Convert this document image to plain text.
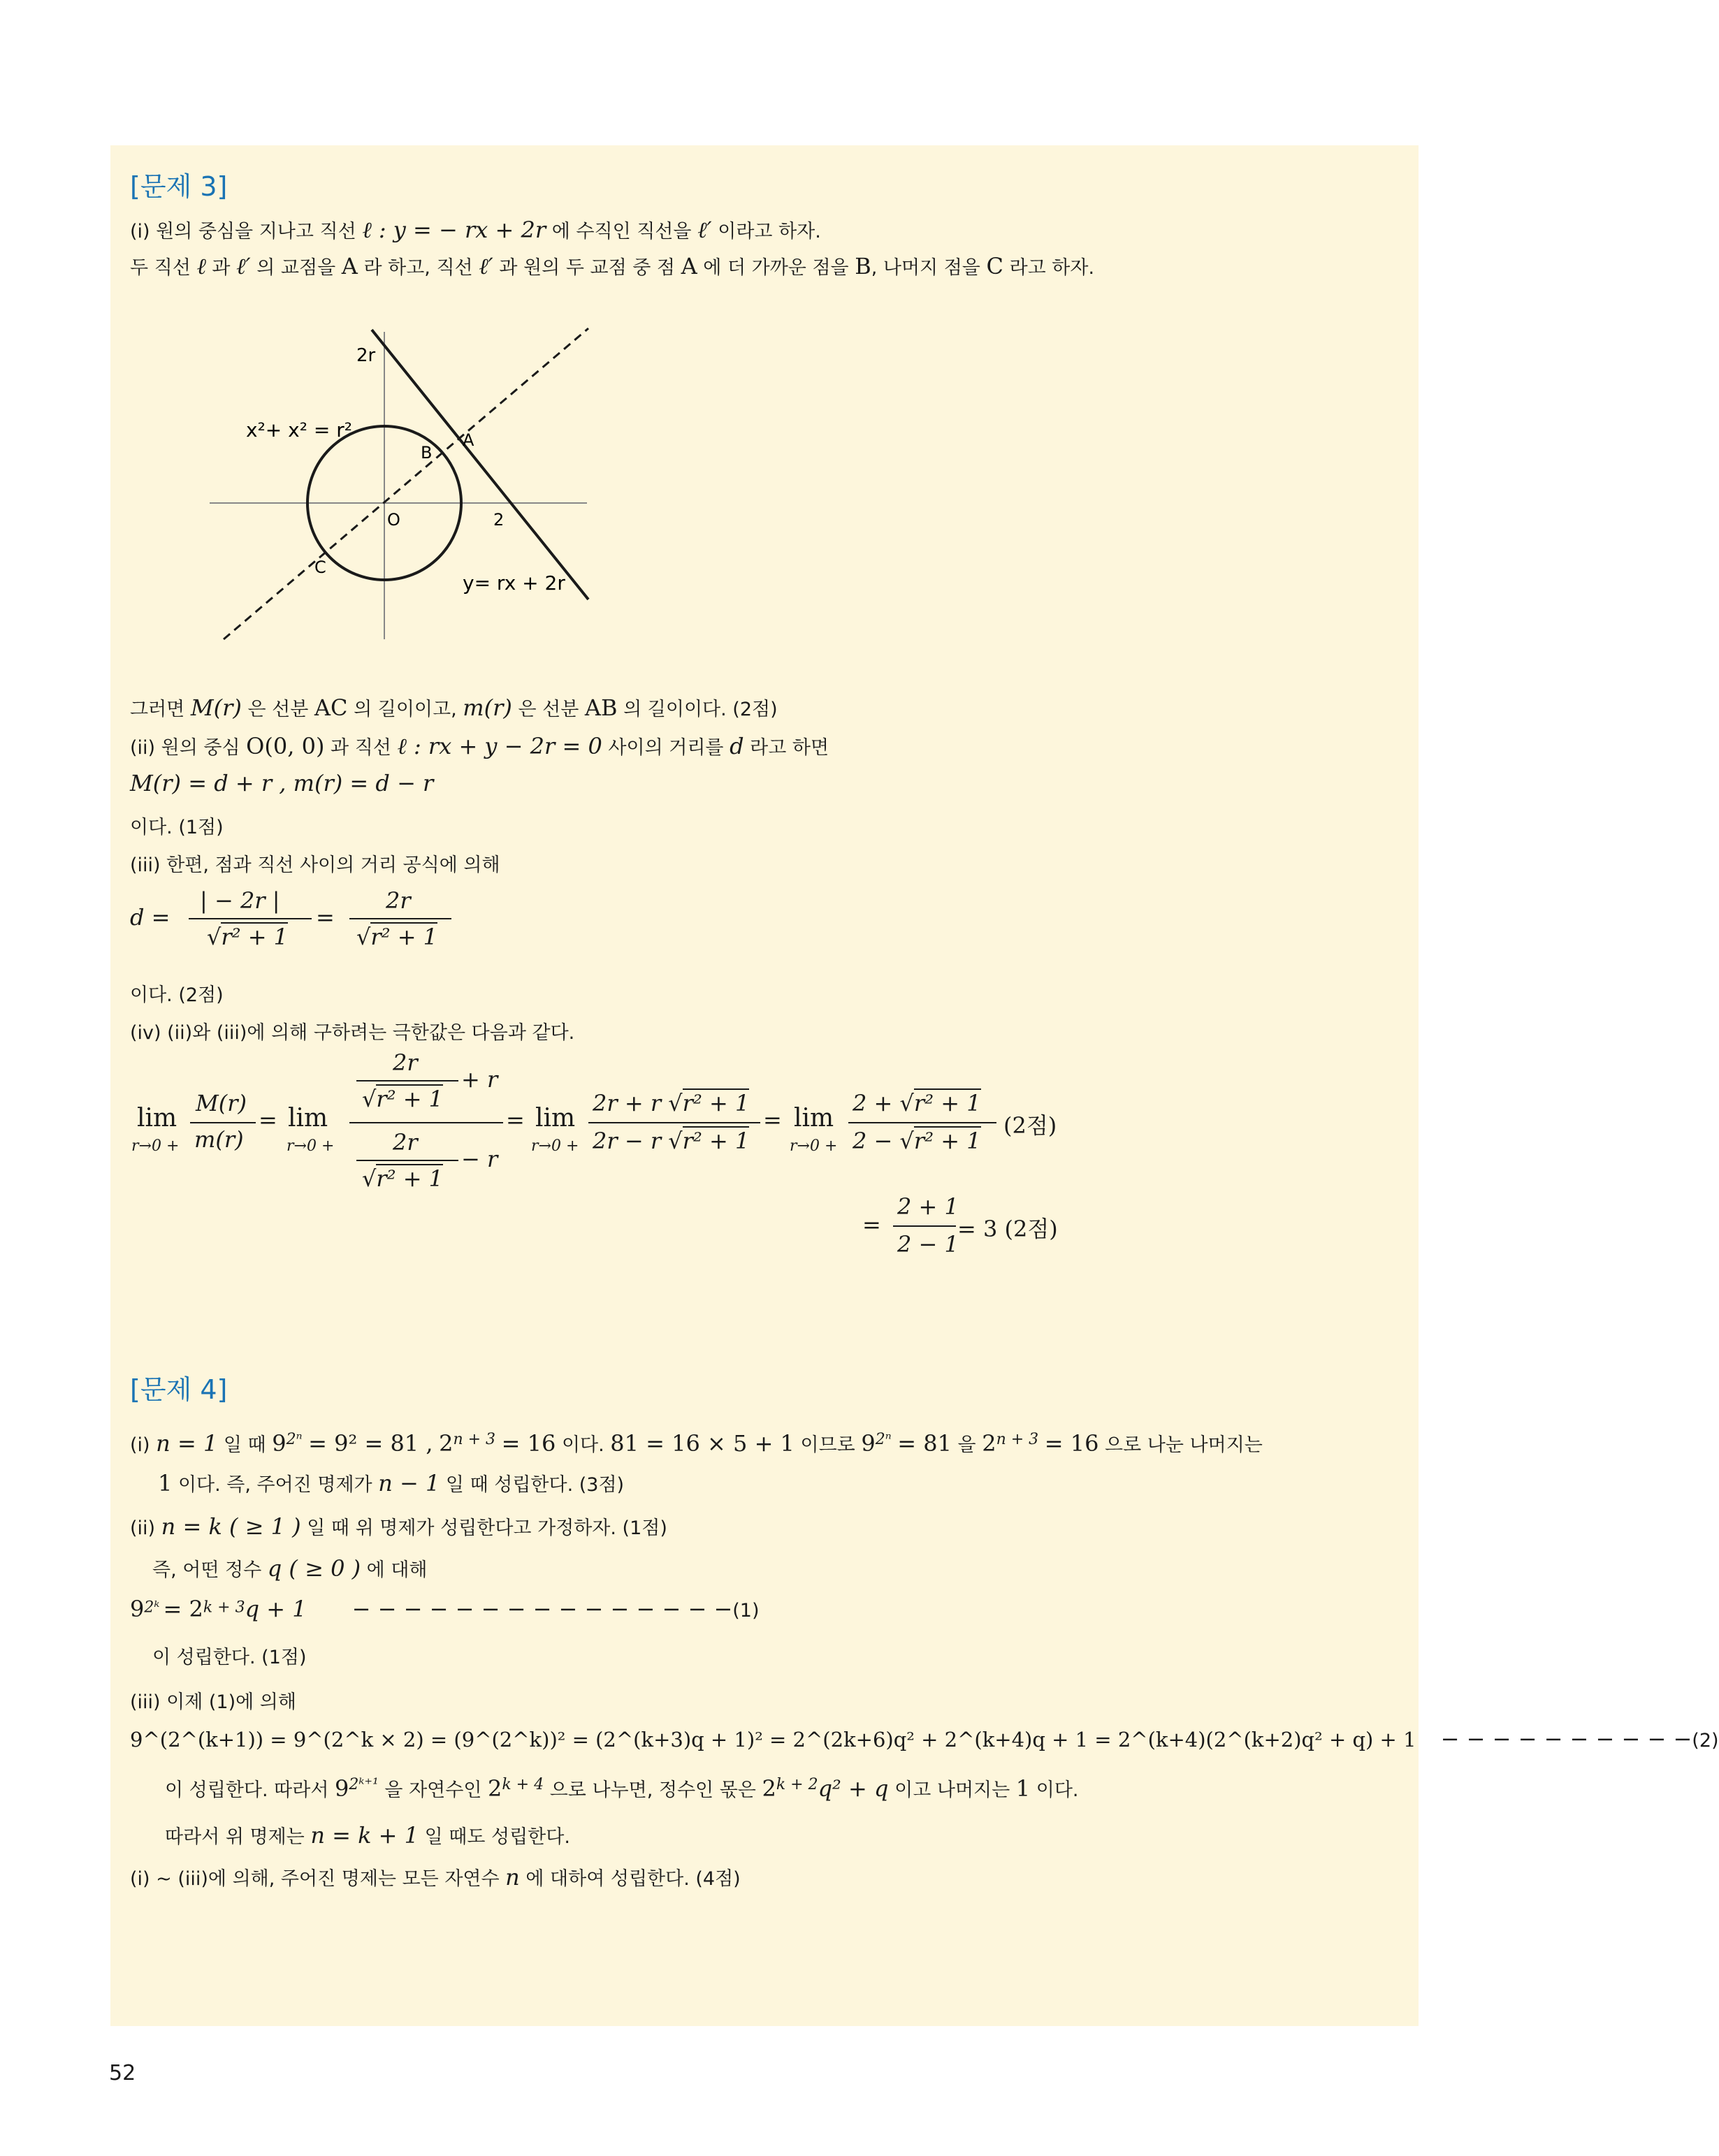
[문제 3]
(i) 원의 중심을 지나고 직선 ℓ : y = − rx + 2r 에 수직인 직선을 ℓ′ 이라고 하자.
두 직선 ℓ 과 ℓ′ 의 교점을 A 라 하고, 직선 ℓ′ 과 원의 두 교점 중 점 A 에 더 가까운 점을 B, 나머지 점을 C 라고 하자.
2r
x²+ x² = r²	A
B
C
O	2
y= rx + 2r
그러면 M(r) 은 선분 AC 의 길이이고, m(r) 은 선분 AB 의 길이이다. (2점)
(ii) 원의 중심 O(0, 0) 과 직선 ℓ : rx + y − 2r = 0 사이의 거리를 d 라고 하면
M(r) = d + r , m(r) = d − r
이다. (1점)
(iii) 한편, 점과 직선 사이의 거리 공식에 의해
d =
| − 2r |
√r² + 1
=
2r
√r² + 1
이다. (2점)
(iv) (ii)와 (iii)에 의해 구하려는 극한값은 다음과 같다.
lim
r→0 +
M(r)
m(r)
= lim
r→0 +
2r
√r² + 1
+ r
2r
√r² + 1
− r
= lim
r→0 +
2r + r √r² + 1
2r − r √r² + 1
= lim
r→0 +
2 + √r² + 1
2 − √r² + 1
(2점)
=
2 + 1
2 − 1
= 3 (2점)
[문제 4]
(i) n = 1 일 때 $9^{2^n} = 9^2 = 81$ , $2^{n + 3} = 16$ 이다. 81 = 16 × 5 + 1 이므로 $9^{2^n} = 81$ 을 $2^{n + 3} = 16$ 으로 나눈 나머지는
1 이다. 즉, 주어진 명제가 n − 1 일 때 성립한다. (3점)
(ii) n = k ( ≥ 1 ) 일 때 위 명제가 성립한다고 가정하자. (1점)
즉, 어떤 정수 q ( ≥ 0 ) 에 대해
$9^{2ᵏ} = 2^{k + 3}q + 1$ − − − − − − − − − − − − − − −(1)
이 성립한다. (1점)
(iii) 이제 (1)에 의해
9^(2^(k+1)) = 9^(2^k × 2) = (9^(2^k))² = (2^(k+3)q + 1)² = 2^(2k+6)q² + 2^(k+4)q + 1 = 2^(k+4)(2^(k+2)q² + q) + 1 − − − − − − − − − −(2)
이 성립한다. 따라서 $9^{2ᵏ^{+1}}$ 을 자연수인 $2^{k + 4}$ 으로 나누면, 정수인 몫은 $2^{k + 2}q^2 + q$ 이고 나머지는 1 이다.
따라서 위 명제는 n = k + 1 일 때도 성립한다.
(i) ~ (iii)에 의해, 주어진 명제는 모든 자연수 n 에 대하여 성립한다. (4점)
52
